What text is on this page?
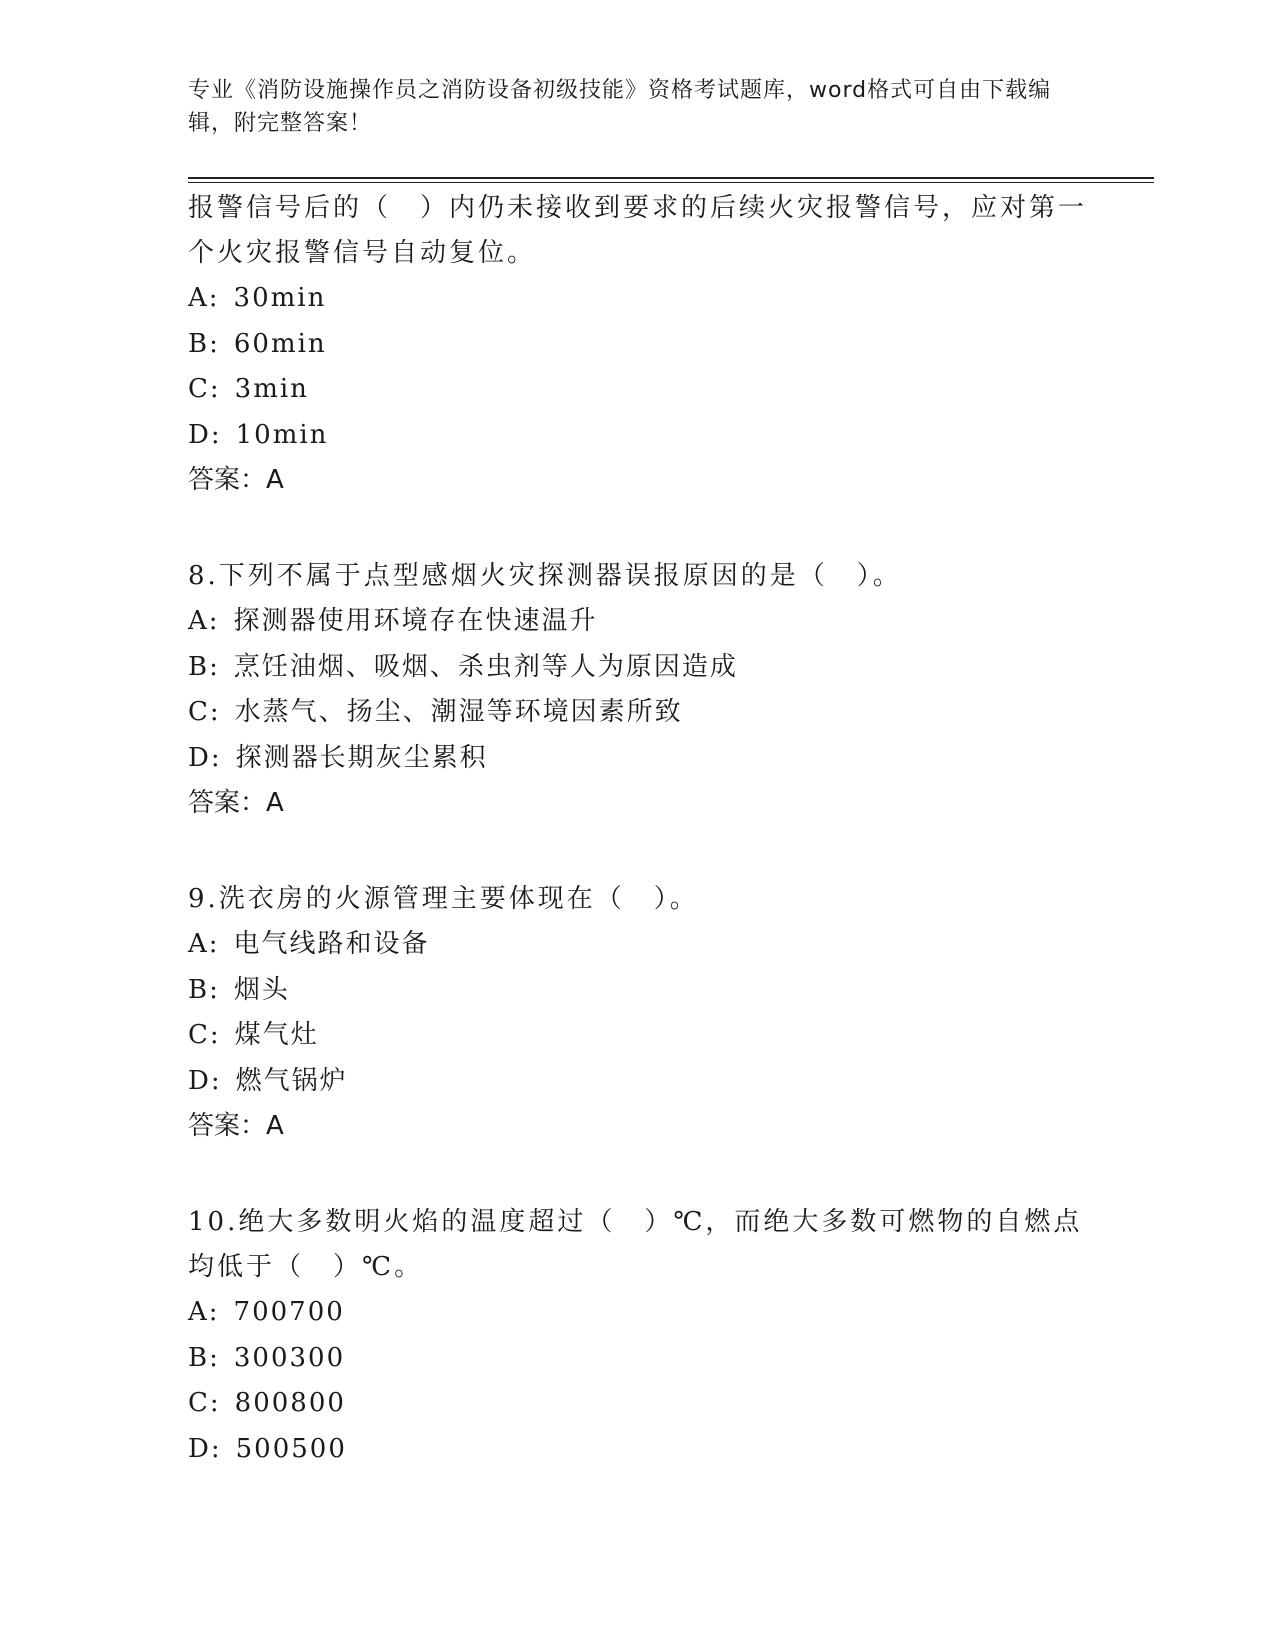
专业《消防设施操作员之消防设备初级技能》资格考试题库，word格式可自由下载编辑，附完整答案！

报警信号后的（　）内仍未接收到要求的后续火灾报警信号，应对第一个火灾报警信号自动复位。

A: 30min

B: 60min

C: 3min

D: 10min

答案：A

8.下列不属于点型感烟火灾探测器误报原因的是（　）。

A: 探测器使用环境存在快速温升

B: 烹饪油烟、吸烟、杀虫剂等人为原因造成

C: 水蒸气、扬尘、潮湿等环境因素所致

D: 探测器长期灰尘累积

答案：A

9.洗衣房的火源管理主要体现在（　）。

A: 电气线路和设备

B: 烟头

C: 煤气灶

D: 燃气锅炉

答案：A

10.绝大多数明火焰的温度超过（　）℃，而绝大多数可燃物的自燃点均低于（　）℃。

A: 700700

B: 300300

C: 800800

D: 500500
